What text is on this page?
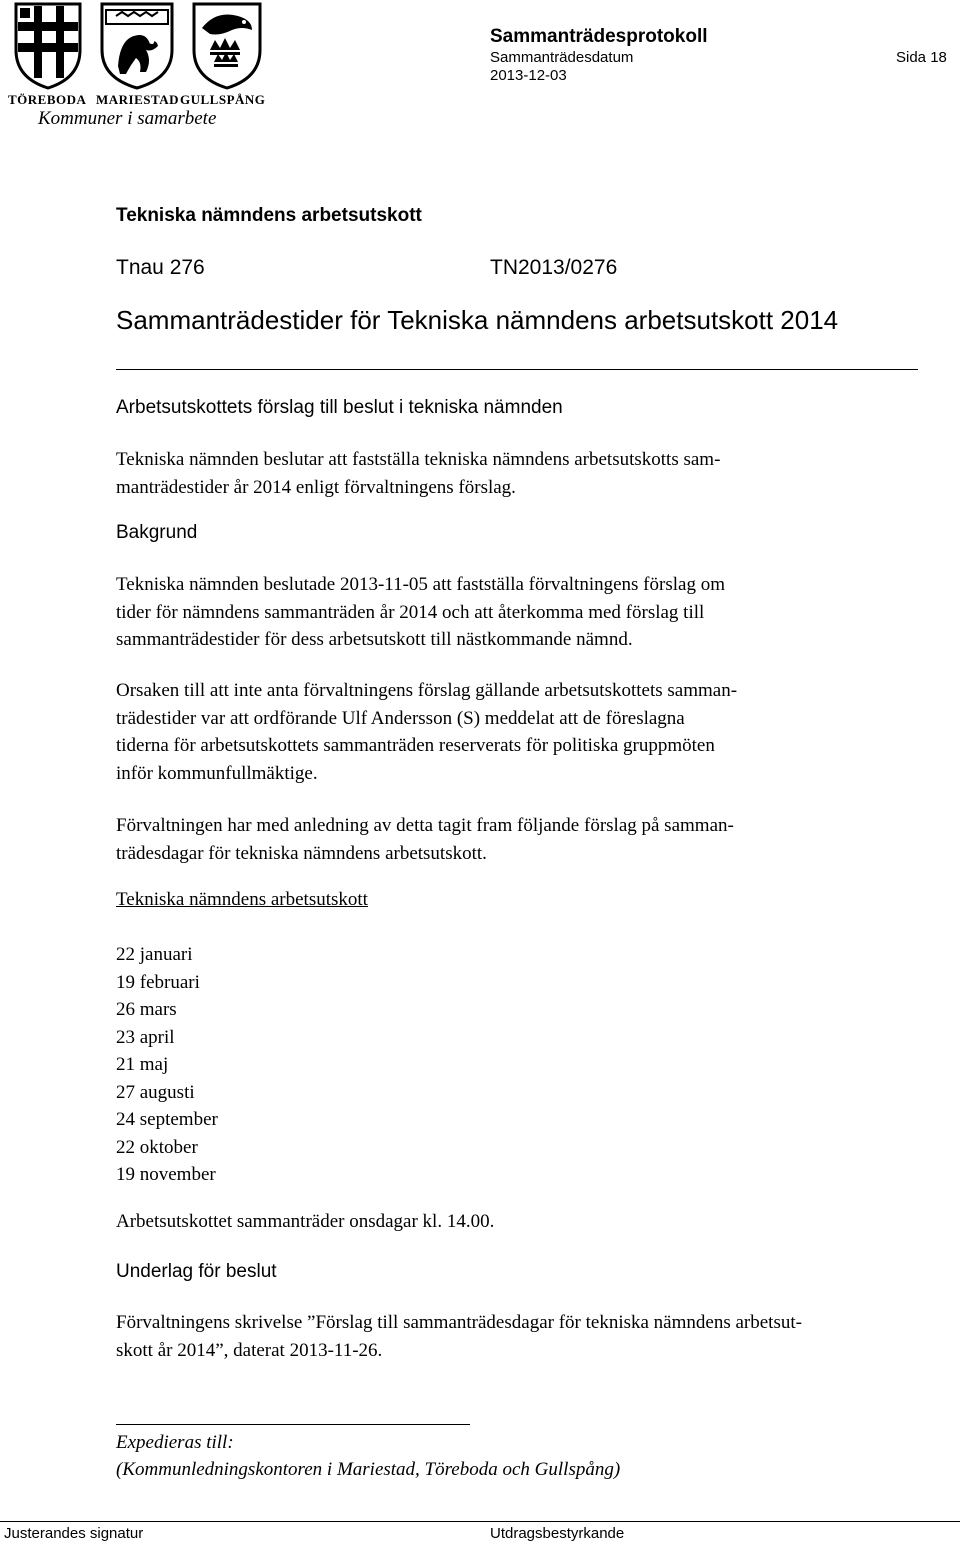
TÖREBODA MARIESTAD GULLSPÅNG
Kommuner i samarbete
Sammanträdesprotokoll
Sammanträdesdatum
2013-12-03
Sida 18
Tekniska nämndens arbetsutskott
Tnau 276	TN2013/0276
Sammanträdestider för Tekniska nämndens arbetsutskott 2014
Arbetsutskottets förslag till beslut i tekniska nämnden
Tekniska nämnden beslutar att fastställa tekniska nämndens arbetsutskotts sam-
manträdestider år 2014 enligt förvaltningens förslag.
Bakgrund
Tekniska nämnden beslutade 2013-11-05 att fastställa förvaltningens förslag om
tider för nämndens sammanträden år 2014 och att återkomma med förslag till
sammanträdestider för dess arbetsutskott till nästkommande nämnd.
Orsaken till att inte anta förvaltningens förslag gällande arbetsutskottets samman-
trädestider var att ordförande Ulf Andersson (S) meddelat att de föreslagna
tiderna för arbetsutskottets sammanträden reserverats för politiska gruppmöten
inför kommunfullmäktige.
Förvaltningen har med anledning av detta tagit fram följande förslag på samman-
trädesdagar för tekniska nämndens arbetsutskott.
Tekniska nämndens arbetsutskott
22 januari
19 februari
26 mars
23 april
21 maj
27 augusti
24 september
22 oktober
19 november
Arbetsutskottet sammanträder onsdagar kl. 14.00.
Underlag för beslut
Förvaltningens skrivelse ”Förslag till sammanträdesdagar för tekniska nämndens arbetsut-
skott år 2014”, daterat 2013-11-26.
Expedieras till:
(Kommunledningskontoren i Mariestad, Töreboda och Gullspång)
Justerandes signatur	Utdragsbestyrkande
